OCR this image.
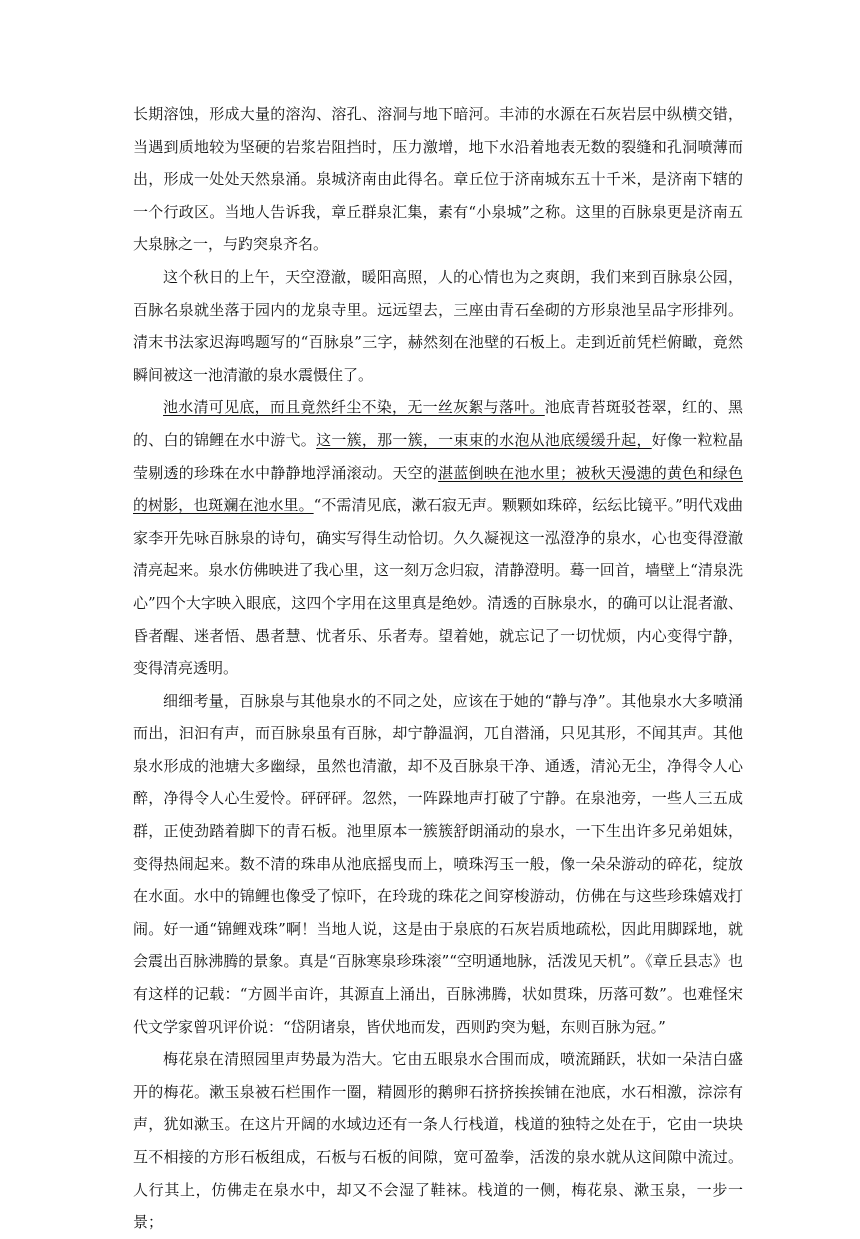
长期溶蚀，形成大量的溶沟、溶孔、溶洞与地下暗河。丰沛的水源在石灰岩层中纵横交错，当遇到质地较为坚硬的岩浆岩阻挡时，压力激增，地下水沿着地表无数的裂缝和孔洞喷薄而出，形成一处处天然泉涌。泉城济南由此得名。章丘位于济南城东五十千米，是济南下辖的一个行政区。当地人告诉我，章丘群泉汇集，素有“小泉城”之称。这里的百脉泉更是济南五大泉脉之一，与趵突泉齐名。

这个秋日的上午，天空澄澈，暖阳高照，人的心情也为之爽朗，我们来到百脉泉公园，百脉名泉就坐落于园内的龙泉寺里。远远望去，三座由青石垒砌的方形泉池呈品字形排列。清末书法家迟海鸣题写的“百脉泉”三字，赫然刻在池壁的石板上。走到近前凭栏俯瞰，竟然瞬间被这一池清澈的泉水震慑住了。

池水清可见底，而且竟然纤尘不染，无一丝灰絮与落叶。池底青苔斑驳苍翠，红的、黑的、白的锦鲤在水中游弋。这一簇，那一簇，一束束的水泡从池底缓缓升起，好像一粒粒晶莹剔透的珍珠在水中静静地浮涌滚动。天空的湛蓝倒映在池水里；被秋天漫漶的黄色和绿色的树影，也斑斓在池水里。“不需清见底，漱石寂无声。颗颗如珠碎，纭纭比镜平。”明代戏曲家李开先咏百脉泉的诗句，确实写得生动恰切。久久凝视这一泓澄净的泉水，心也变得澄澈清亮起来。泉水仿佛映进了我心里，这一刻万念归寂，清静澄明。蓦一回首，墙壁上“清泉洗心”四个大字映入眼底，这四个字用在这里真是绝妙。清透的百脉泉水，的确可以让混者澈、昏者醒、迷者悟、愚者慧、忧者乐、乐者寿。望着她，就忘记了一切忧烦，内心变得宁静，变得清亮透明。

细细考量，百脉泉与其他泉水的不同之处，应该在于她的“静与净”。其他泉水大多喷涌而出，汩汩有声，而百脉泉虽有百脉，却宁静温润，兀自潜涌，只见其形，不闻其声。其他泉水形成的池塘大多幽绿，虽然也清澈，却不及百脉泉干净、通透，清沁无尘，净得令人心醉，净得令人心生爱怜。砰砰砰。忽然，一阵跺地声打破了宁静。在泉池旁，一些人三五成群，正使劲踏着脚下的青石板。池里原本一簇簇舒朗涌动的泉水，一下生出许多兄弟姐妹，变得热闹起来。数不清的珠串从池底摇曳而上，喷珠泻玉一般，像一朵朵游动的碎花，绽放在水面。水中的锦鲤也像受了惊吓，在玲珑的珠花之间穿梭游动，仿佛在与这些珍珠嬉戏打闹。好一通“锦鲤戏珠”啊！当地人说，这是由于泉底的石灰岩质地疏松，因此用脚踩地，就会震出百脉沸腾的景象。真是“百脉寒泉珍珠滚”“空明通地脉，活泼见天机”。《章丘县志》也有这样的记载：“方圆半亩许，其源直上涌出，百脉沸腾，状如贯珠，历落可数”。也难怪宋代文学家曾巩评价说：“岱阴诸泉，皆伏地而发，西则趵突为魁，东则百脉为冠。”

梅花泉在清照园里声势最为浩大。它由五眼泉水合围而成，喷流踊跃，状如一朵洁白盛开的梅花。漱玉泉被石栏围作一圈，精圆形的鹅卵石挤挤挨挨铺在池底，水石相激，淙淙有声，犹如漱玉。在这片开阔的水域边还有一条人行栈道，栈道的独特之处在于，它由一块块互不相接的方形石板组成，石板与石板的间隙，宽可盈拳，活泼的泉水就从这间隙中流过。人行其上，仿佛走在泉水中，却又不会湿了鞋袜。栈道的一侧，梅花泉、漱玉泉，一步一景；
